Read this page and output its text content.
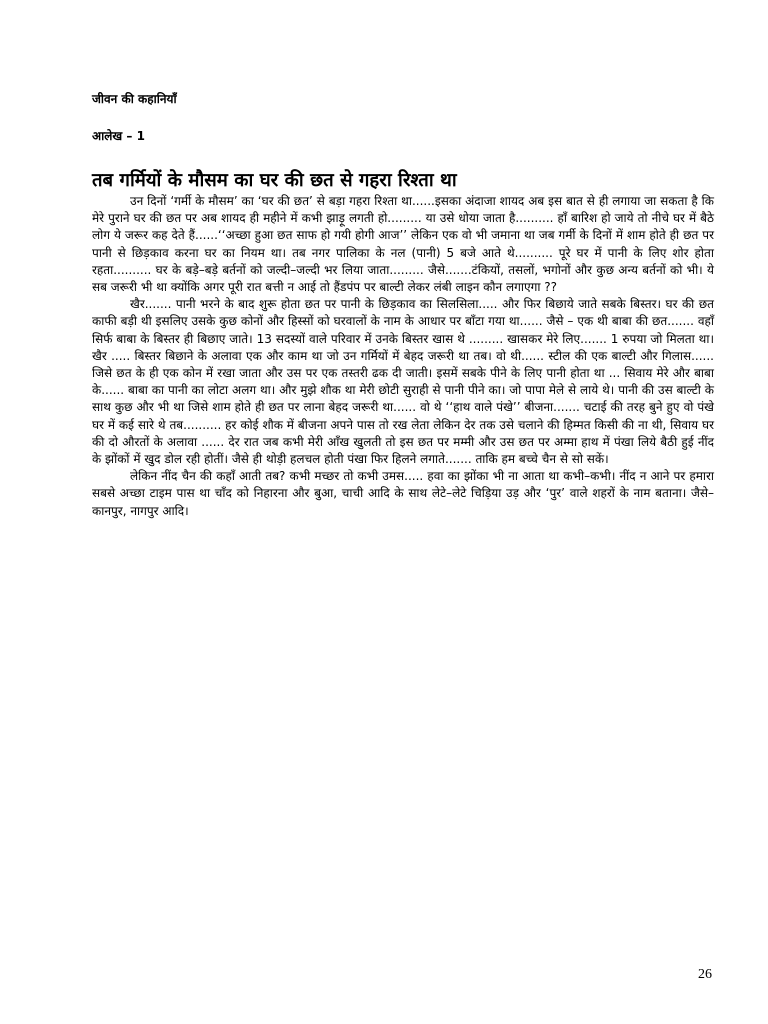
जीवन की कहानियाँ
आलेख – 1
तब गर्मियों के मौसम का घर की छत से गहरा रिश्ता था

उन दिनों ‘गर्मी के मौसम’ का ‘घर की छत’ से बड़ा गहरा रिश्ता था......इसका अंदाजा शायद अब इस बात से ही लगाया जा सकता है कि मेरे पुराने घर की छत पर अब शायद ही महीने में कभी झाड़ू लगती हो......... या उसे धोया जाता है.......... हाँ बारिश हो जाये तो नीचे घर में बैठे लोग ये जरूर कह देते हैं......‘‘अच्छा हुआ छत साफ हो गयी होगी आज’’ लेकिन एक वो भी जमाना था जब गर्मी के दिनों में शाम होते ही छत पर पानी से छिड़काव करना घर का नियम था। तब नगर पालिका के नल (पानी) 5 बजे आते थे.......... पूरे घर में पानी के लिए शोर होता रहता.......... घर के बड़े–बड़े बर्तनों को जल्दी–जल्दी भर लिया जाता......... जैसे.......टंकियों, तसलों, भगोनों और कुछ अन्य बर्तनों को भी। ये सब जरूरी भी था क्योंकि अगर पूरी रात बत्ती न आई तो हैंडपंप पर बाल्टी लेकर लंबी लाइन कौन लगाएगा ??

खैर....... पानी भरने के बाद शुरू होता छत पर पानी के छिड़काव का सिलसिला..... और फिर बिछाये जाते सबके बिस्तर। घर की छत काफी बड़ी थी इसलिए उसके कुछ कोनों और हिस्सों को घरवालों के नाम के आधार पर बाँटा गया था...... जैसे – एक थी बाबा की छत....... वहाँ सिर्फ बाबा के बिस्तर ही बिछाए जाते। 13 सदस्यों वाले परिवार में उनके बिस्तर खास थे ......... खासकर मेरे लिए....... 1 रुपया जो मिलता था। खैर ..... बिस्तर बिछाने के अलावा एक और काम था जो उन गर्मियों में बेहद जरूरी था तब। वो थी...... स्टील की एक बाल्टी और गिलास...... जिसे छत के ही एक कोन में रखा जाता और उस पर एक तस्तरी ढक दी जाती। इसमें सबके पीने के लिए पानी होता था ... सिवाय मेरे और बाबा के...... बाबा का पानी का लोटा अलग था। और मुझे शौक था मेरी छोटी सुराही से पानी पीने का। जो पापा मेले से लाये थे। पानी की उस बाल्टी के साथ कुछ और भी था जिसे शाम होते ही छत पर लाना बेहद जरूरी था...... वो थे ‘‘हाथ वाले पंखे’’ बीजना....... चटाई की तरह बुने हुए वो पंखे घर में कई सारे थे तब.......... हर कोई शौक में बीजना अपने पास तो रख लेता लेकिन देर तक उसे चलाने की हिम्मत किसी की ना थी, सिवाय घर की दो औरतों के अलावा ...... देर रात जब कभी मेरी आँख खुलती तो इस छत पर मम्मी और उस छत पर अम्मा हाथ में पंखा लिये बैठी हुई नींद के झोंकों में खुद डोल रही होतीं। जैसे ही थोड़ी हलचल होती पंखा फिर हिलने लगाते....... ताकि हम बच्चे चैन से सो सकें।

लेकिन नींद चैन की कहाँ आती तब? कभी मच्छर तो कभी उमस..... हवा का झोंका भी ना आता था कभी–कभी। नींद न आने पर हमारा सबसे अच्छा टाइम पास था चाँद को निहारना और बुआ, चाची आदि के साथ लेटे–लेटे चिड़िया उड़ और ‘पुर’ वाले शहरों के नाम बताना। जैसे– कानपुर, नागपुर आदि।

26
